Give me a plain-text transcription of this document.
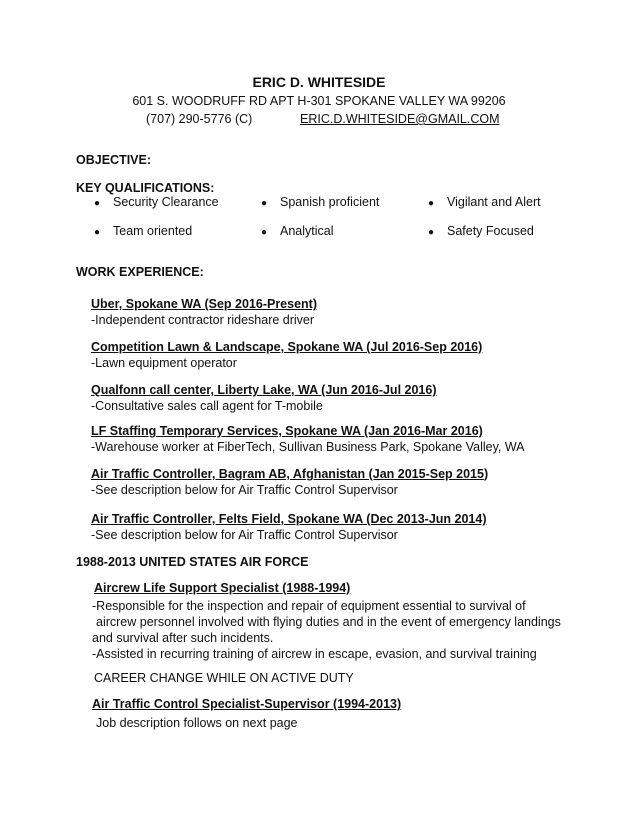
ERIC D. WHITESIDE
601 S. WOODRUFF RD APT H-301 SPOKANE VALLEY WA 99206
(707) 290-5776 (C)	ERIC.D.WHITESIDE@GMAIL.COM
OBJECTIVE:
KEY QUALIFICATIONS:
● Security Clearance	● Spanish proficient	● Vigilant and Alert
● Team oriented	● Analytical	● Safety Focused
WORK EXPERIENCE:
Uber, Spokane WA (Sep 2016-Present)
-Independent contractor rideshare driver
Competition Lawn & Landscape, Spokane WA (Jul 2016-Sep 2016)
-Lawn equipment operator
Qualfonn call center, Liberty Lake, WA (Jun 2016-Jul 2016)
-Consultative sales call agent for T-mobile
LF Staffing Temporary Services, Spokane WA (Jan 2016-Mar 2016)
-Warehouse worker at FiberTech, Sullivan Business Park, Spokane Valley, WA
Air Traffic Controller, Bagram AB, Afghanistan (Jan 2015-Sep 2015)
-See description below for Air Traffic Control Supervisor
Air Traffic Controller, Felts Field, Spokane WA (Dec 2013-Jun 2014)
-See description below for Air Traffic Control Supervisor
1988-2013 UNITED STATES AIR FORCE
Aircrew Life Support Specialist (1988-1994)
-Responsible for the inspection and repair of equipment essential to survival of
aircrew personnel involved with flying duties and in the event of emergency landings
and survival after such incidents.
-Assisted in recurring training of aircrew in escape, evasion, and survival training
CAREER CHANGE WHILE ON ACTIVE DUTY
Air Traffic Control Specialist-Supervisor (1994-2013)
Job description follows on next page
